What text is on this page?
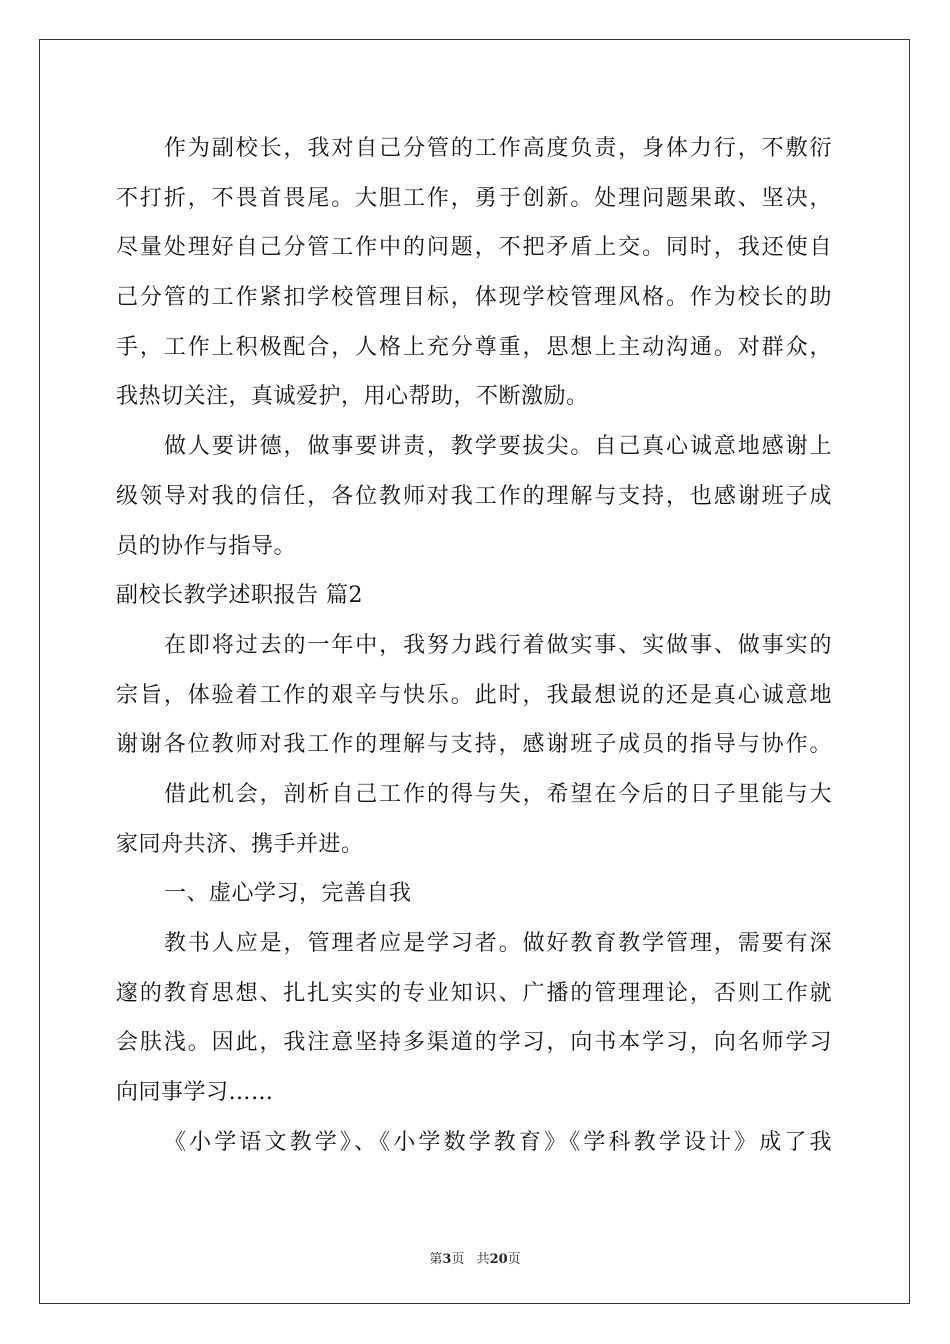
作为副校长，我对自己分管的工作高度负责，身体力行，不敷衍
不打折，不畏首畏尾。大胆工作，勇于创新。处理问题果敢、坚决，
尽量处理好自己分管工作中的问题，不把矛盾上交。同时，我还使自
己分管的工作紧扣学校管理目标，体现学校管理风格。作为校长的助
手，工作上积极配合，人格上充分尊重，思想上主动沟通。对群众，
我热切关注，真诚爱护，用心帮助，不断激励。
做人要讲德，做事要讲责，教学要拔尖。自己真心诚意地感谢上
级领导对我的信任，各位教师对我工作的理解与支持，也感谢班子成
员的协作与指导。
副校长教学述职报告 篇2
在即将过去的一年中，我努力践行着做实事、实做事、做事实的
宗旨，体验着工作的艰辛与快乐。此时，我最想说的还是真心诚意地
谢谢各位教师对我工作的理解与支持，感谢班子成员的指导与协作。
借此机会，剖析自己工作的得与失，希望在今后的日子里能与大
家同舟共济、携手并进。
一、虚心学习，完善自我
教书人应是，管理者应是学习者。做好教育教学管理，需要有深
邃的教育思想、扎扎实实的专业知识、广播的管理理论，否则工作就
会肤浅。因此，我注意坚持多渠道的学习，向书本学习，向名师学习
向同事学习……
《小学语文教学》、《小学数学教育》《学科教学设计》成了我
第3页 共20页
